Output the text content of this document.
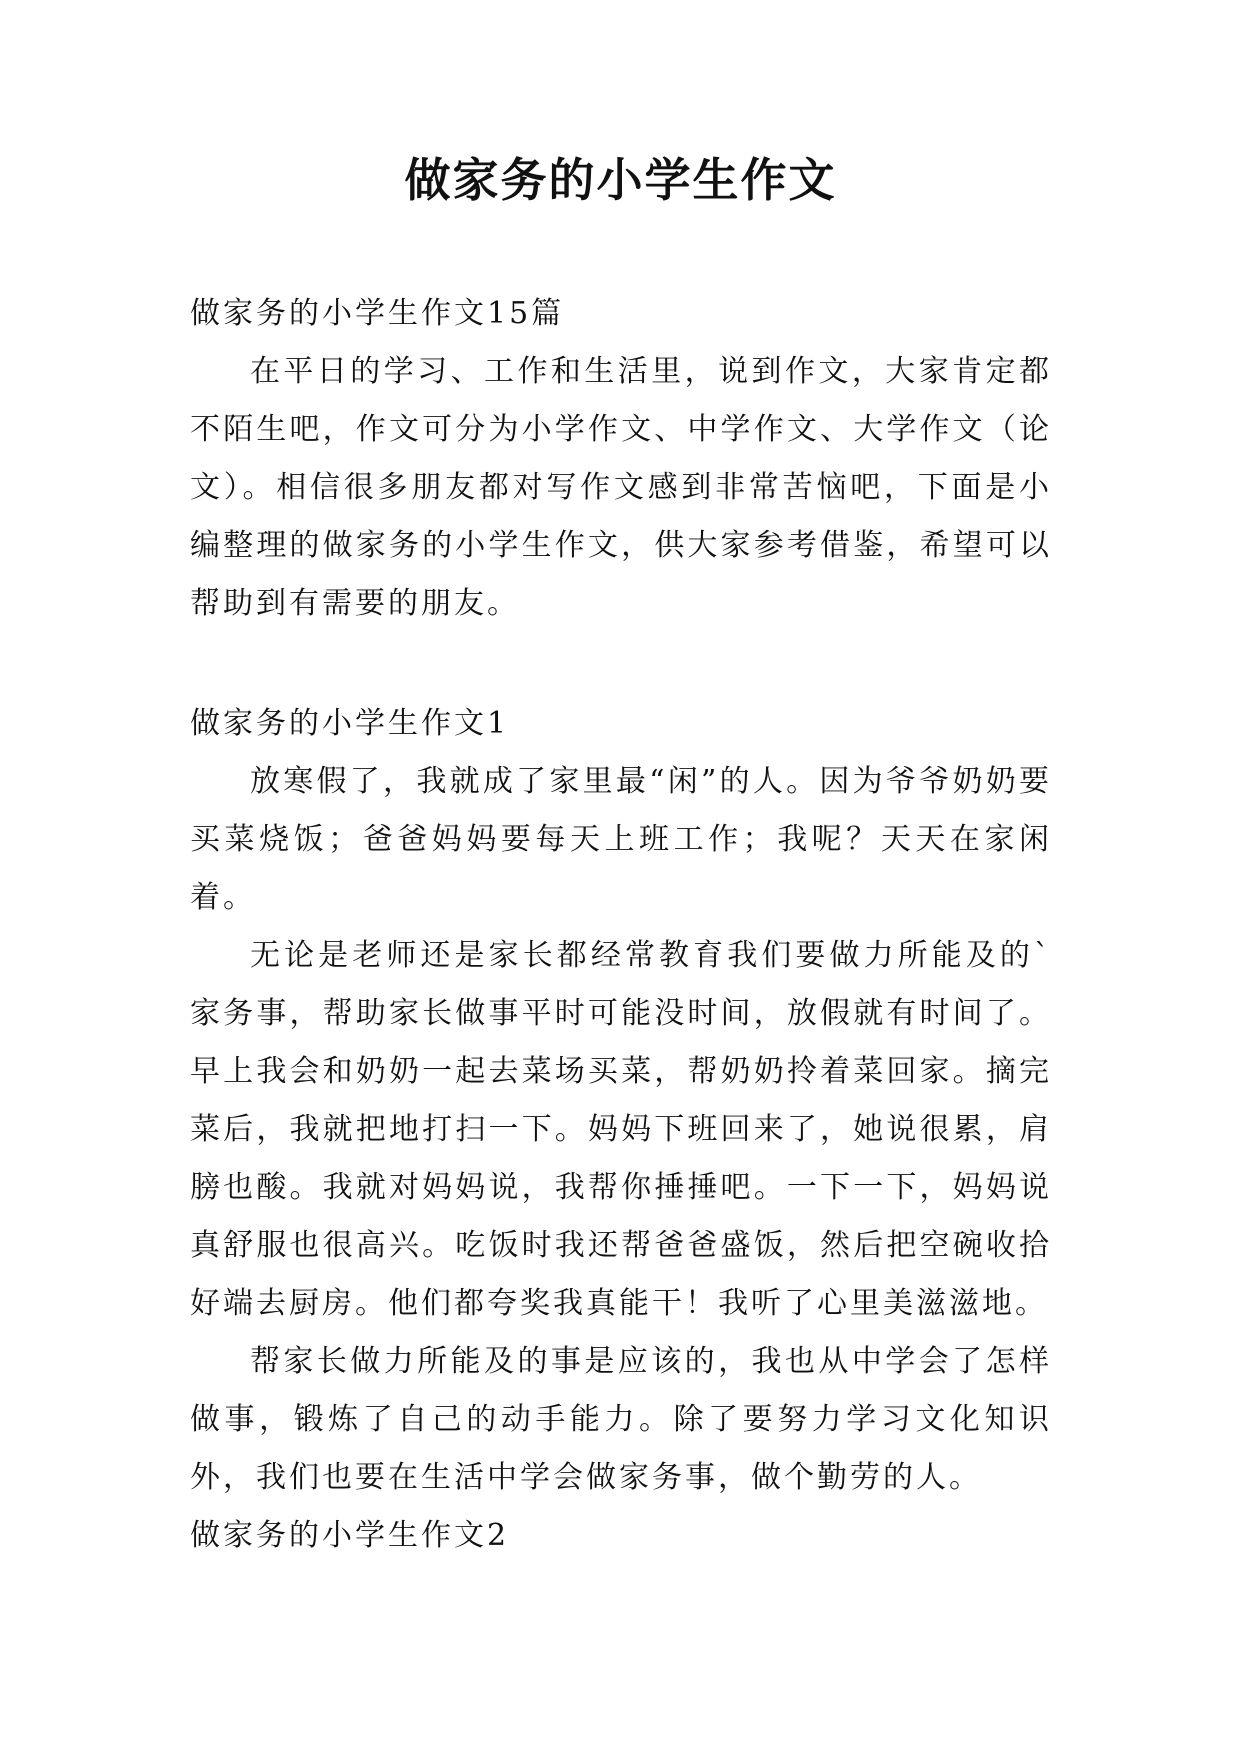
做家务的小学生作文

做家务的小学生作文15篇

在平日的学习、工作和生活里，说到作文，大家肯定都不陌生吧，作文可分为小学作文、中学作文、大学作文（论文）。相信很多朋友都对写作文感到非常苦恼吧，下面是小编整理的做家务的小学生作文，供大家参考借鉴，希望可以帮助到有需要的朋友。

做家务的小学生作文1

放寒假了，我就成了家里最“闲”的人。因为爷爷奶奶要买菜烧饭；爸爸妈妈要每天上班工作；我呢？天天在家闲着。

无论是老师还是家长都经常教育我们要做力所能及的`家务事，帮助家长做事平时可能没时间，放假就有时间了。早上我会和奶奶一起去菜场买菜，帮奶奶拎着菜回家。摘完菜后，我就把地打扫一下。妈妈下班回来了，她说很累，肩膀也酸。我就对妈妈说，我帮你捶捶吧。一下一下，妈妈说真舒服也很高兴。吃饭时我还帮爸爸盛饭，然后把空碗收拾好端去厨房。他们都夸奖我真能干！我听了心里美滋滋地。

帮家长做力所能及的事是应该的，我也从中学会了怎样做事，锻炼了自己的动手能力。除了要努力学习文化知识外，我们也要在生活中学会做家务事，做个勤劳的人。

做家务的小学生作文2
